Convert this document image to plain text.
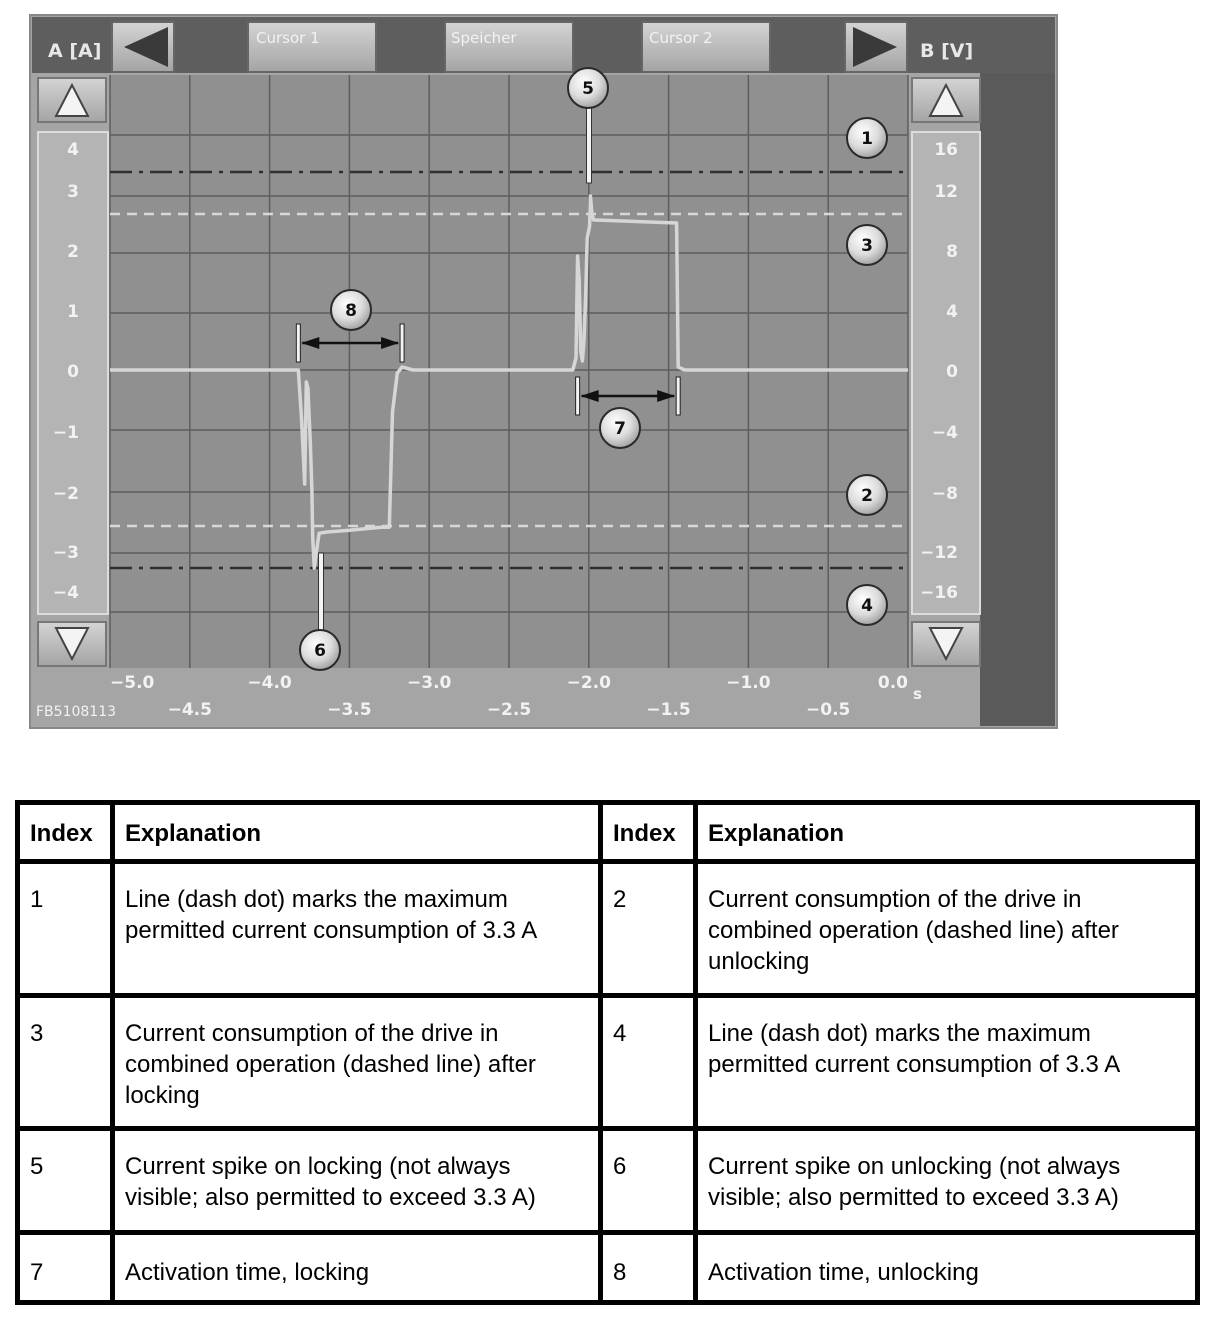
Cursor 1	Speicher	Cursor 2
A [A]	B [V]
4
3
2
1
0
−1
−2
−3
−4
16
12
8
4
0
−4
−8
−12
−16
−5.0	−4.0	−3.0	−2.0	−1.0	0.0
−4.5	−3.5	−2.5	−1.5	−0.5
FB5108113
s
1
2
3
4
5
6
7
8
Index	Explanation	Index	Explanation
1	Line (dash dot) marks the maximum permitted current consumption of 3.3 A	2	Current consumption of the drive in combined operation (dashed line) after unlocking
3	Current consumption of the drive in combined operation (dashed line) after locking	4	Line (dash dot) marks the maximum permitted current consumption of 3.3 A
5	Current spike on locking (not always visible; also permitted to exceed 3.3 A)	6	Current spike on unlocking (not always visible; also permitted to exceed 3.3 A)
7	Activation time, locking	8	Activation time, unlocking
